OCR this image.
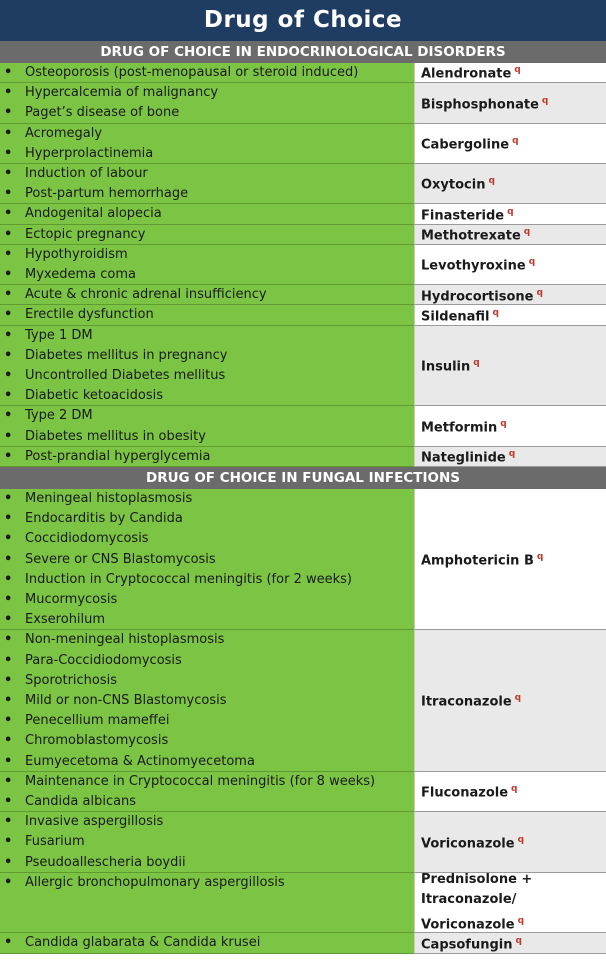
Drug of Choice
DRUG OF CHOICE IN ENDOCRINOLOGICAL DISORDERS
• Osteoporosis (post-menopausal or steroid induced)	Alendronate $^q$
• Hypercalcemia of malignancy
• Paget’s disease of bone
Bisphosphonate $^q$
• Acromegaly
• Hyperprolactinemia
Cabergoline $^q$
• Induction of labour
• Post-partum hemorrhage
Oxytocin $^q$
• Andogenital alopecia	Finasteride $^q$
• Ectopic pregnancy	Methotrexate $^q$
• Hypothyroidism
• Myxedema coma
Levothyroxine $^q$
• Acute & chronic adrenal insufficiency	Hydrocortisone $^q$
• Erectile dysfunction	Sildenafil $^q$
• Type 1 DM
• Diabetes mellitus in pregnancy
• Uncontrolled Diabetes mellitus
• Diabetic ketoacidosis
Insulin $^q$
• Type 2 DM
• Diabetes mellitus in obesity
Metformin $^q$
• Post-prandial hyperglycemia	Nateglinide $^q$
DRUG OF CHOICE IN FUNGAL INFECTIONS
• Meningeal histoplasmosis
• Endocarditis by Candida
• Coccidiodomycosis
• Severe or CNS Blastomycosis
• Induction in Cryptococcal meningitis (for 2 weeks)
• Mucormycosis
• Exserohilum
Amphotericin B $^q$
• Non-meningeal histoplasmosis
• Para-Coccidiodomycosis
• Sporotrichosis
• Mild or non-CNS Blastomycosis
• Penecellium mameffei
• Chromoblastomycosis
• Eumyecetoma & Actinomyecetoma
Itraconazole $^q$
• Maintenance in Cryptococcal meningitis (for 8 weeks)
• Candida albicans
Fluconazole $^q$
• Invasive aspergillosis
• Fusarium
• Pseudoallescheria boydii
Voriconazole $^q$
• Allergic bronchopulmonary aspergillosis	Prednisolone +
Itraconazole/
Voriconazole $^q$
• Candida glabarata & Candida krusei	Capsofungin $^q$
